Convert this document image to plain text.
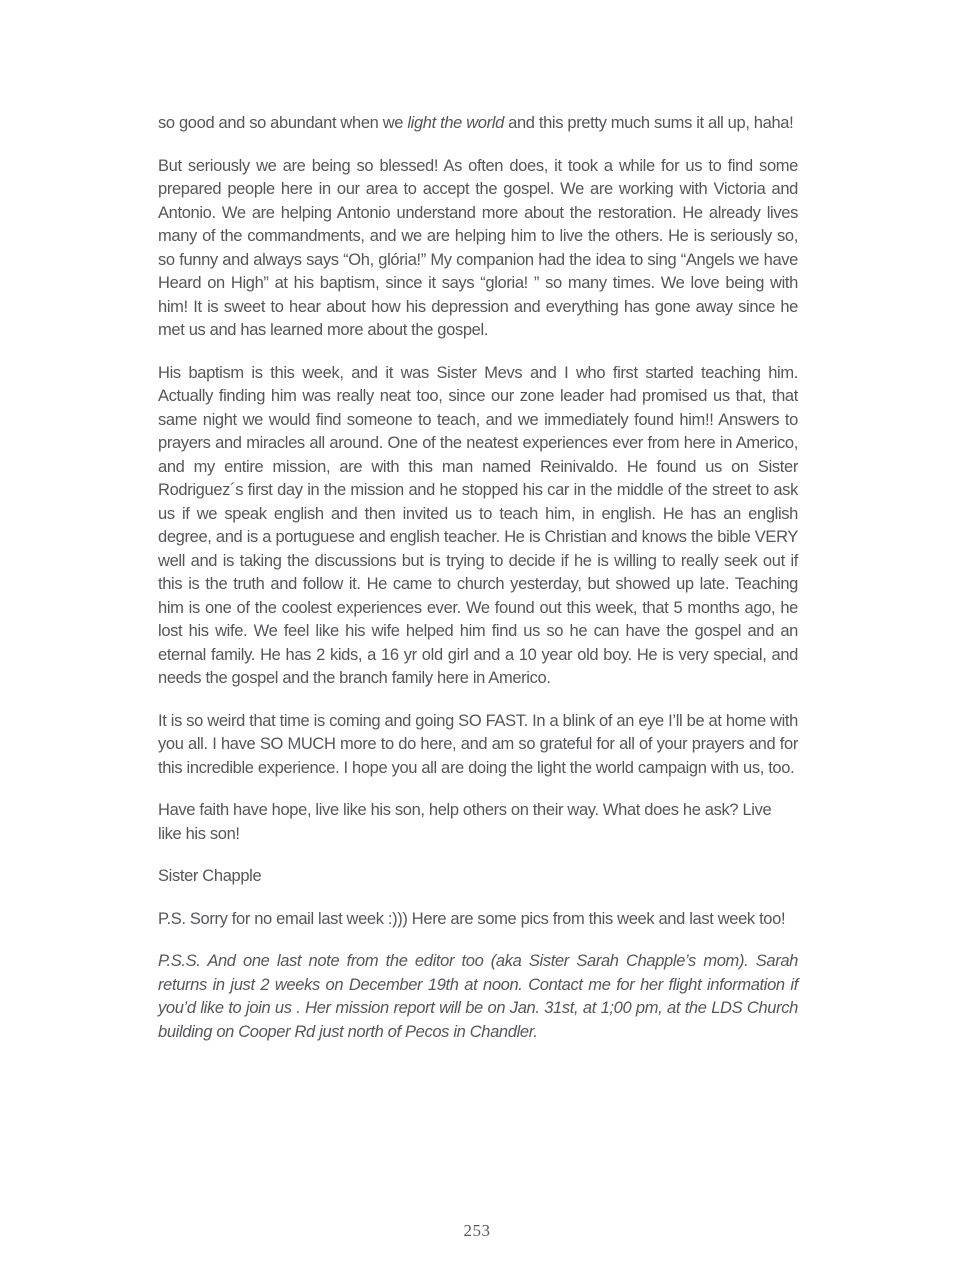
so good and so abundant when we light the world and this pretty much sums it all up, haha!

But seriously we are being so blessed! As often does, it took a while for us to find some prepared people here in our area to accept the gospel. We are working with Victoria and Antonio. We are helping Antonio understand more about the restoration. He already lives many of the commandments, and we are helping him to live the others. He is seriously so, so funny and always says “Oh, glória!” My companion had the idea to sing “Angels we have Heard on High” at his baptism, since it says “gloria! ” so many times. We love being with him! It is sweet to hear about how his depression and everything has gone away since he met us and has learned more about the gospel.

His baptism is this week, and it was Sister Mevs and I who first started teaching him. Actually finding him was really neat too, since our zone leader had promised us that, that same night we would find someone to teach, and we immediately found him!! Answers to prayers and miracles all around. One of the neatest experiences ever from here in Americo, and my entire mission, are with this man named Reinivaldo. He found us on Sister Rodriguez´s first day in the mission and he stopped his car in the middle of the street to ask us if we speak english and then invited us to teach him, in english. He has an english degree, and is a portuguese and english teacher. He is Christian and knows the bible VERY well and is taking the discussions but is trying to decide if he is willing to really seek out if this is the truth and follow it. He came to church yesterday, but showed up late. Teaching him is one of the coolest experiences ever. We found out this week, that 5 months ago, he lost his wife. We feel like his wife helped him find us so he can have the gospel and an eternal family. He has 2 kids, a 16 yr old girl and a 10 year old boy. He is very special, and needs the gospel and the branch family here in Americo.

It is so weird that time is coming and going SO FAST. In a blink of an eye I’ll be at home with you all. I have SO MUCH more to do here, and am so grateful for all of your prayers and for this incredible experience. I hope you all are doing the light the world campaign with us, too.

Have faith have hope, live like his son, help others on their way. What does he ask? Live like his son!

Sister Chapple

P.S. Sorry for no email last week :))) Here are some pics from this week and last week too!

P.S.S. And one last note from the editor too (aka Sister Sarah Chapple’s mom). Sarah returns in just 2 weeks on December 19th at noon. Contact me for her flight information if you’d like to join us . Her mission report will be on Jan. 31st, at 1;00 pm, at the LDS Church building on Cooper Rd just north of Pecos in Chandler.

253
